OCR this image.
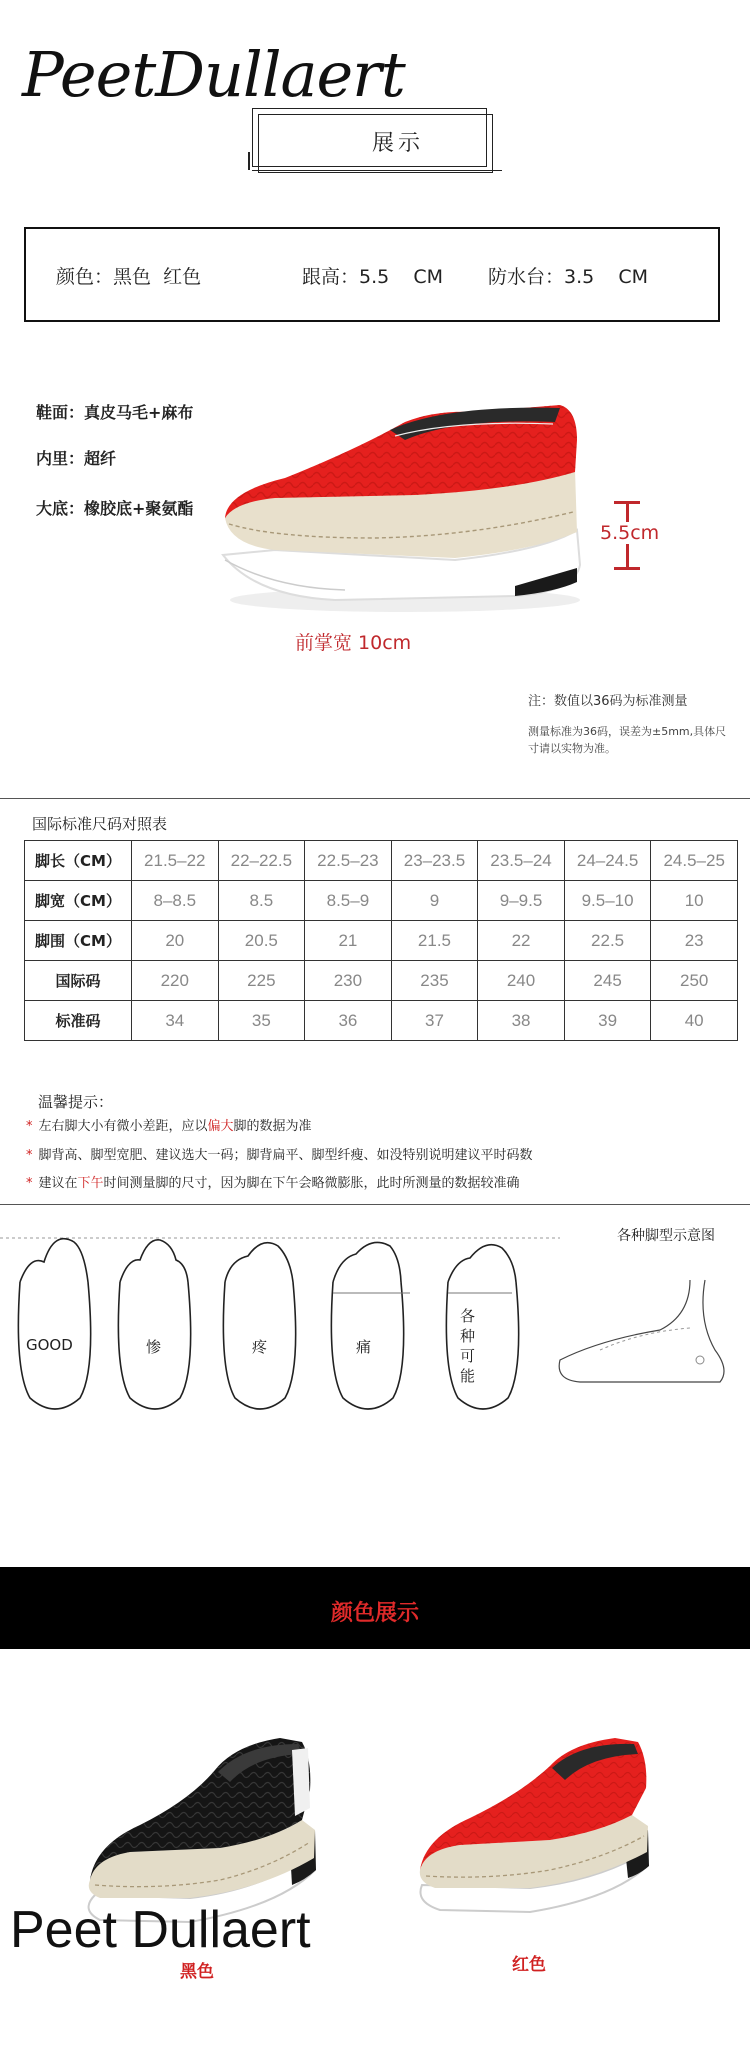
PeetDullaert
展示
颜色：黑色  红色	跟高：5.5    CM 防水台：3.5    CM
鞋面：真皮马毛+麻布
内里：超纤
大底：橡胶底+聚氨酯
5.5cm
前掌宽 10cm
注：数值以36码为标准测量
测量标准为36码，误差为±5mm,具体尺寸请以实物为准。
国际标准尺码对照表
脚长（CM）	21.5–22	22–22.5	22.5–23	23–23.5	23.5–24	24–24.5	24.5–25
脚宽（CM）	8–8.5	8.5	8.5–9	9	9–9.5	9.5–10	10
脚围（CM）	20	20.5	21	21.5	22	22.5	23
国际码	220	225	230	235	240	245	250
标准码	34	35	36	37	38	39	40
温馨提示：
* 左右脚大小有微小差距，应以偏大脚的数据为准
* 脚背高、脚型宽肥、建议选大一码；脚背扁平、脚型纤瘦、如没特别说明建议平时码数
* 建议在下午时间测量脚的尺寸，因为脚在下午会略微膨胀，此时所测量的数据较准确
各种脚型示意图
GOOD	惨	疼	痛
各种可能
颜色展示
Peet Dullaert
黑色	红色
